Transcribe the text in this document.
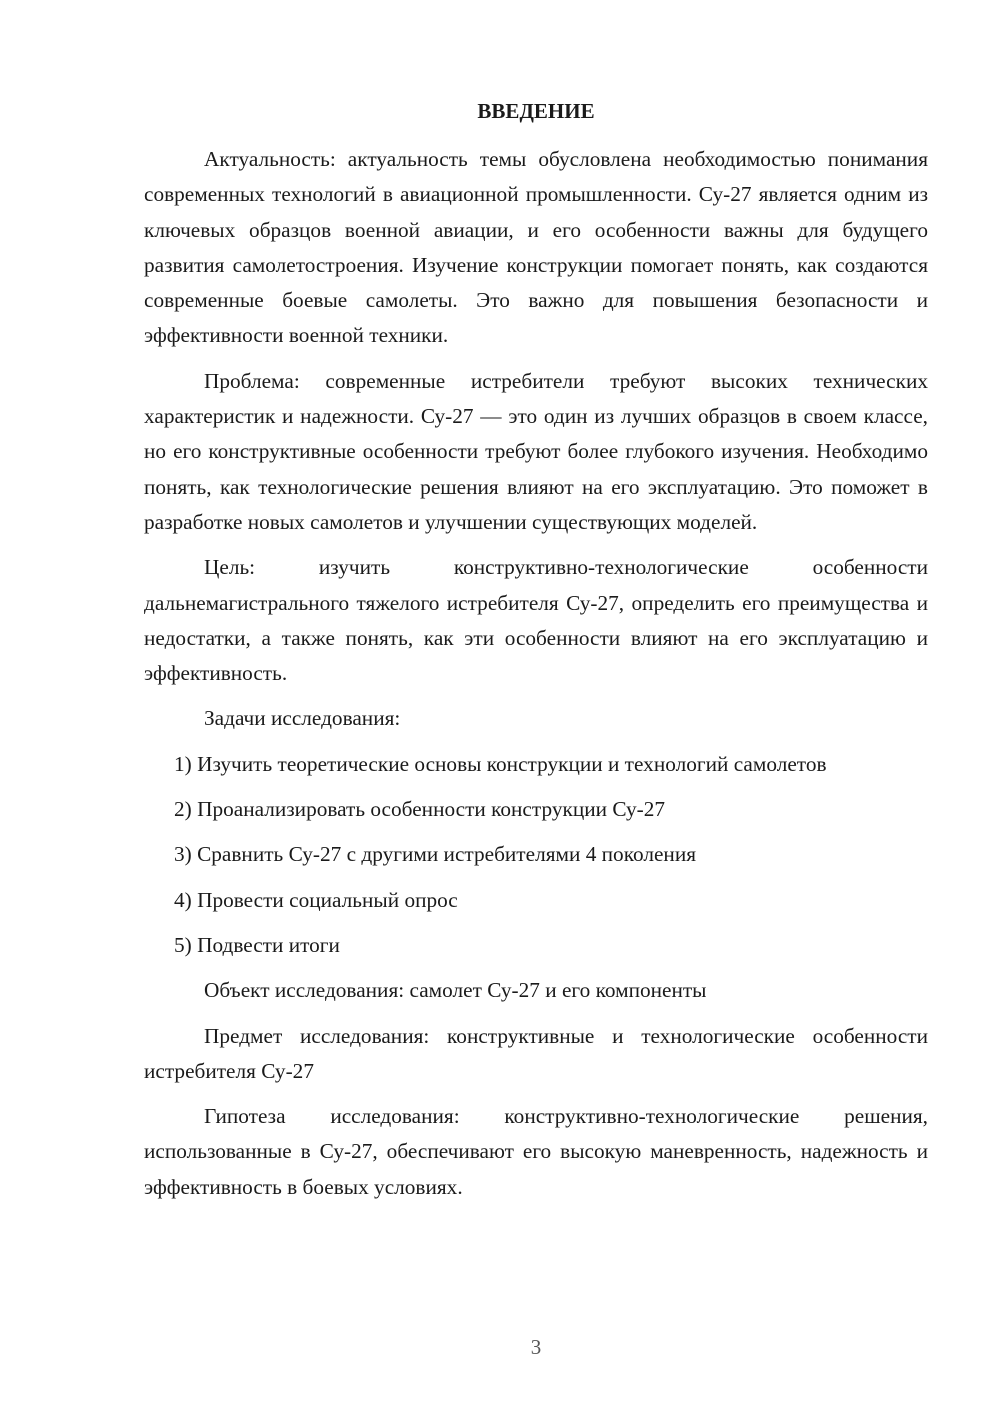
ВВЕДЕНИЕ

Актуальность: актуальность темы обусловлена необходимостью понимания современных технологий в авиационной промышленности. Су-27 является одним из ключевых образцов военной авиации, и его особенности важны для будущего развития самолетостроения. Изучение конструкции помогает понять, как создаются современные боевые самолеты. Это важно для повышения безопасности и эффективности военной техники.

Проблема: современные истребители требуют высоких технических характеристик и надежности. Су-27 — это один из лучших образцов в своем классе, но его конструктивные особенности требуют более глубокого изучения. Необходимо понять, как технологические решения влияют на его эксплуатацию. Это поможет в разработке новых самолетов и улучшении существующих моделей.

Цель: изучить конструктивно-технологические особенности дальнемагистрального тяжелого истребителя Су-27, определить его преимущества и недостатки, а также понять, как эти особенности влияют на его эксплуатацию и эффективность.

Задачи исследования:

1) Изучить теоретические основы конструкции и технологий самолетов

2) Проанализировать особенности конструкции Су-27

3) Сравнить Су-27 с другими истребителями 4 поколения

4) Провести социальный опрос

5) Подвести итоги

Объект исследования: самолет Су-27 и его компоненты

Предмет исследования: конструктивные и технологические особенности истребителя Су-27

Гипотеза исследования: конструктивно-технологические решения, использованные в Су-27, обеспечивают его высокую маневренность, надежность и эффективность в боевых условиях.

3
